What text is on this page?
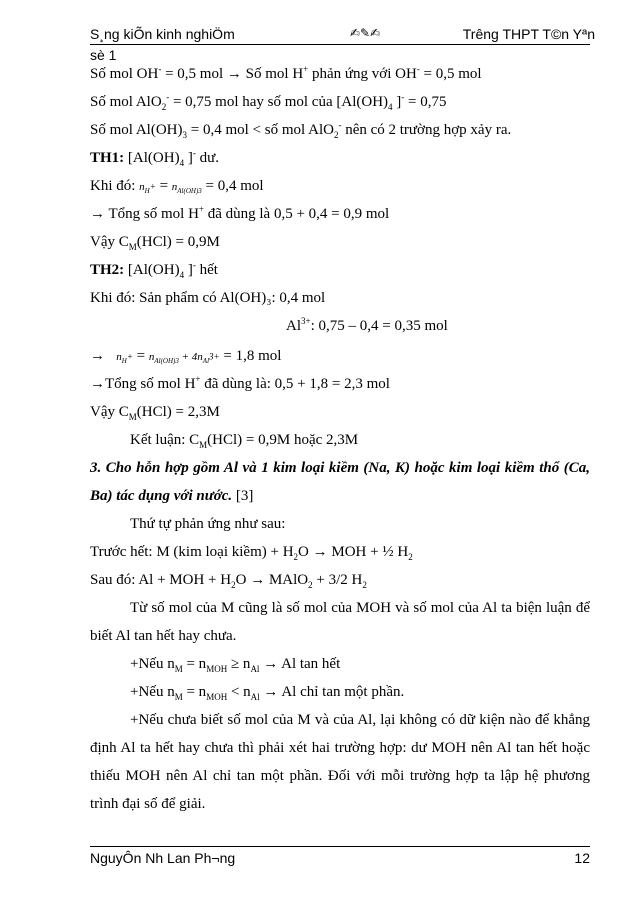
S¸ng kiÕn kinh nghiÖm	✍✎✍	Trêng THPT T©n Yªn
sè 1
Số mol OH- = 0,5 mol → Số mol H+ phản ứng với OH- = 0,5 mol
Số mol AlO$_2$- = 0,75 mol hay số mol của [$Al(OH)_4$ ]- = 0,75
Số mol $Al(OH)_3 = 0,4$ mol < số mol AlO$_2$- nên có 2 trường hợp xảy ra.
TH1: [$Al(OH)_4$ ]- dư.
Khi đó: $n_{H^+} = n_{Al(OH)3} = 0,4$ mol
→ Tổng số mol H+ đã dùng là 0,5 + 0,4 = 0,9 mol
Vậy $C_M(HCl) = 0,9M$
TH2: [$Al(OH)_4$ ]- hết
Khi đó: Sản phẩm có Al(OH)₃: 0,4 mol
$Al^{3+}$: 0,75 – 0,4 = 0,35 mol
→ $n_{H^+} = n_{Al(OH)3} + 4n_{Al^{3+}} = 1,8$ mol
→Tổng số mol H+ đã dùng là: 0,5 + 1,8 = 2,3 mol
Vậy $C_M(HCl) = 2,3M$
Kết luận: $C_M(HCl) = 0,9M$ hoặc 2,3M
3. Cho hỗn hợp gồm Al và 1 kim loại kiềm (Na, K) hoặc kim loại kiềm thổ (Ca,
Ba) tác dụng với nước. [3]
Thứ tự phản ứng như sau:
Trước hết: M (kim loại kiềm) + $H_2O$ → MOH + ½ $H_2$
Sau đó: Al + MOH + $H_2O$ → MAlO$_2$ + 3/2 $H_2$
Từ số mol của M cũng là số mol của MOH và số mol của Al ta biện luận để
biết Al tan hết hay chưa.
+Nếu $n_M = n_{MOH} \ge n_{Al} \to Al$ tan hết
+Nếu $n_M = n_{MOH} < n_{Al} \to Al$ chỉ tan một phần.
+Nếu chưa biết số mol của M và của Al, lại không có dữ kiện nào để khẳng
định Al ta hết hay chưa thì phải xét hai trường hợp: dư MOH nên Al tan hết hoặc
thiếu MOH nên Al chỉ tan một phần. Đối với mỗi trường hợp ta lập hệ phương
trình đại số để giải.
NguyÔn Nh Lan Ph¬ng	12
